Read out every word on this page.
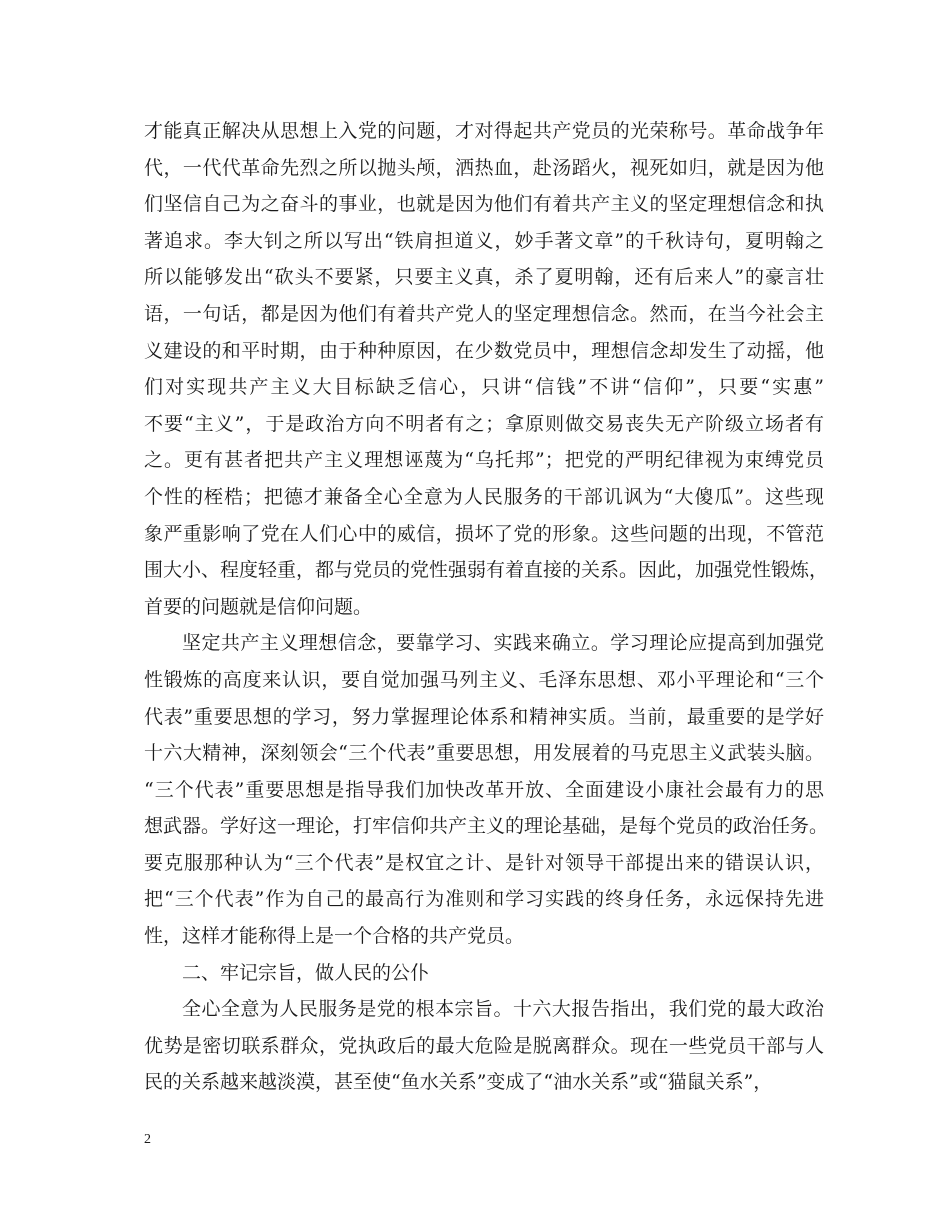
才能真正解决从思想上入党的问题，才对得起共产党员的光荣称号。革命战争年
代，一代代革命先烈之所以抛头颅，洒热血，赴汤蹈火，视死如归，就是因为他
们坚信自己为之奋斗的事业，也就是因为他们有着共产主义的坚定理想信念和执
著追求。李大钊之所以写出“铁肩担道义，妙手著文章”的千秋诗句，夏明翰之
所以能够发出“砍头不要紧，只要主义真，杀了夏明翰，还有后来人”的豪言壮
语，一句话，都是因为他们有着共产党人的坚定理想信念。然而，在当今社会主
义建设的和平时期，由于种种原因，在少数党员中，理想信念却发生了动摇，他
们对实现共产主义大目标缺乏信心，只讲“信钱”不讲“信仰”，只要“实惠”
不要“主义”，于是政治方向不明者有之；拿原则做交易丧失无产阶级立场者有
之。更有甚者把共产主义理想诬蔑为“乌托邦”；把党的严明纪律视为束缚党员
个性的桎梏；把德才兼备全心全意为人民服务的干部讥讽为“大傻瓜”。这些现
象严重影响了党在人们心中的威信，损坏了党的形象。这些问题的出现，不管范
围大小、程度轻重，都与党员的党性强弱有着直接的关系。因此，加强党性锻炼，
首要的问题就是信仰问题。
坚定共产主义理想信念，要靠学习、实践来确立。学习理论应提高到加强党
性锻炼的高度来认识，要自觉加强马列主义、毛泽东思想、邓小平理论和“三个
代表”重要思想的学习，努力掌握理论体系和精神实质。当前，最重要的是学好
十六大精神，深刻领会“三个代表”重要思想，用发展着的马克思主义武装头脑。
“三个代表”重要思想是指导我们加快改革开放、全面建设小康社会最有力的思
想武器。学好这一理论，打牢信仰共产主义的理论基础，是每个党员的政治任务。
要克服那种认为“三个代表”是权宜之计、是针对领导干部提出来的错误认识，
把“三个代表”作为自己的最高行为准则和学习实践的终身任务，永远保持先进
性，这样才能称得上是一个合格的共产党员。
二、牢记宗旨，做人民的公仆
全心全意为人民服务是党的根本宗旨。十六大报告指出，我们党的最大政治
优势是密切联系群众，党执政后的最大危险是脱离群众。现在一些党员干部与人
民的关系越来越淡漠，甚至使“鱼水关系”变成了“油水关系”或“猫鼠关系”，
2
